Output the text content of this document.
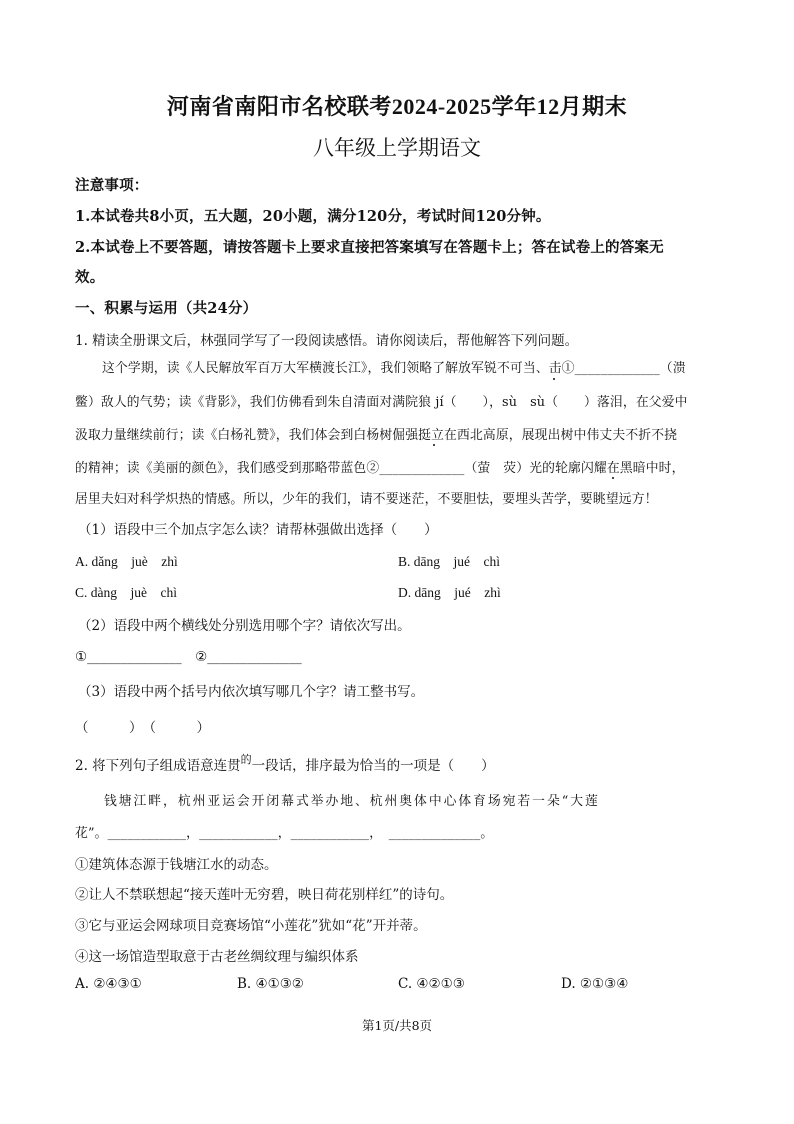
河南省南阳市名校联考2024-2025学年12月期末
八年级上学期语文
注意事项：
1.本试卷共8小页，五大题，20小题，满分120分，考试时间120分钟。
2.本试卷上不要答题，请按答题卡上要求直接把答案填写在答题卡上；答在试卷上的答案无
效。
一、积累与运用（共24分）
1. 精读全册课文后，林强同学写了一段阅读感悟。请你阅读后，帮他解答下列问题。
这个学期，读《人民解放军百万大军横渡长江》，我们领略了解放军锐不可当、击①_____________（溃
鳖）敌人的气势；读《背影》，我们仿佛看到朱自清面对满院狼 jí（　　），sù　sù（　　）落泪，在父爱中
汲取力量继续前行；读《白杨礼赞》，我们体会到白杨树倔强挺立在西北高原，展现出树中伟丈夫不折不挠
的精神；读《美丽的颜色》，我们感受到那略带蓝色②_____________（萤　荧）光的轮廓闪耀在黑暗中时，
居里夫妇对科学炽热的情感。所以，少年的我们，请不要迷茫，不要胆怯，要埋头苦学，要眺望远方！
（1）语段中三个加点字怎么读？请帮林强做出选择（　　）
A. dǎng　juè　zhì	B. dāng　jué　chì
C. dàng　juè　chì	D. dāng　jué　zhì
（2）语段中两个横线处分别选用哪个字？请依次写出。
①______________　②______________
（3）语段中两个括号内依次填写哪几个字？请工整书写。
（　　　）　（　　　）
2. 将下列句子组成语意连贯$^的$一段话，排序最为恰当的一项是（　　）
钱 塘 江 畔 ， 杭 州 亚 运 会 开 闭 幕 式 举 办 地 、 杭 州 奥 体 中 心 体 育 场 宛 若 一 朵 “ 大 莲
花”。____________，____________，____________，　______________。
①建筑体态源于钱塘江水的动态。
②让人不禁联想起“接天莲叶无穷碧，映日荷花别样红”的诗句。
③它与亚运会网球项目竞赛场馆“小莲花”犹如“花”开并蒂。
④这一场馆造型取意于古老丝绸纹理与编织体系
A. ②④③①	B. ④①③②	C. ④②①③	D. ②①③④
第1页/共8页
